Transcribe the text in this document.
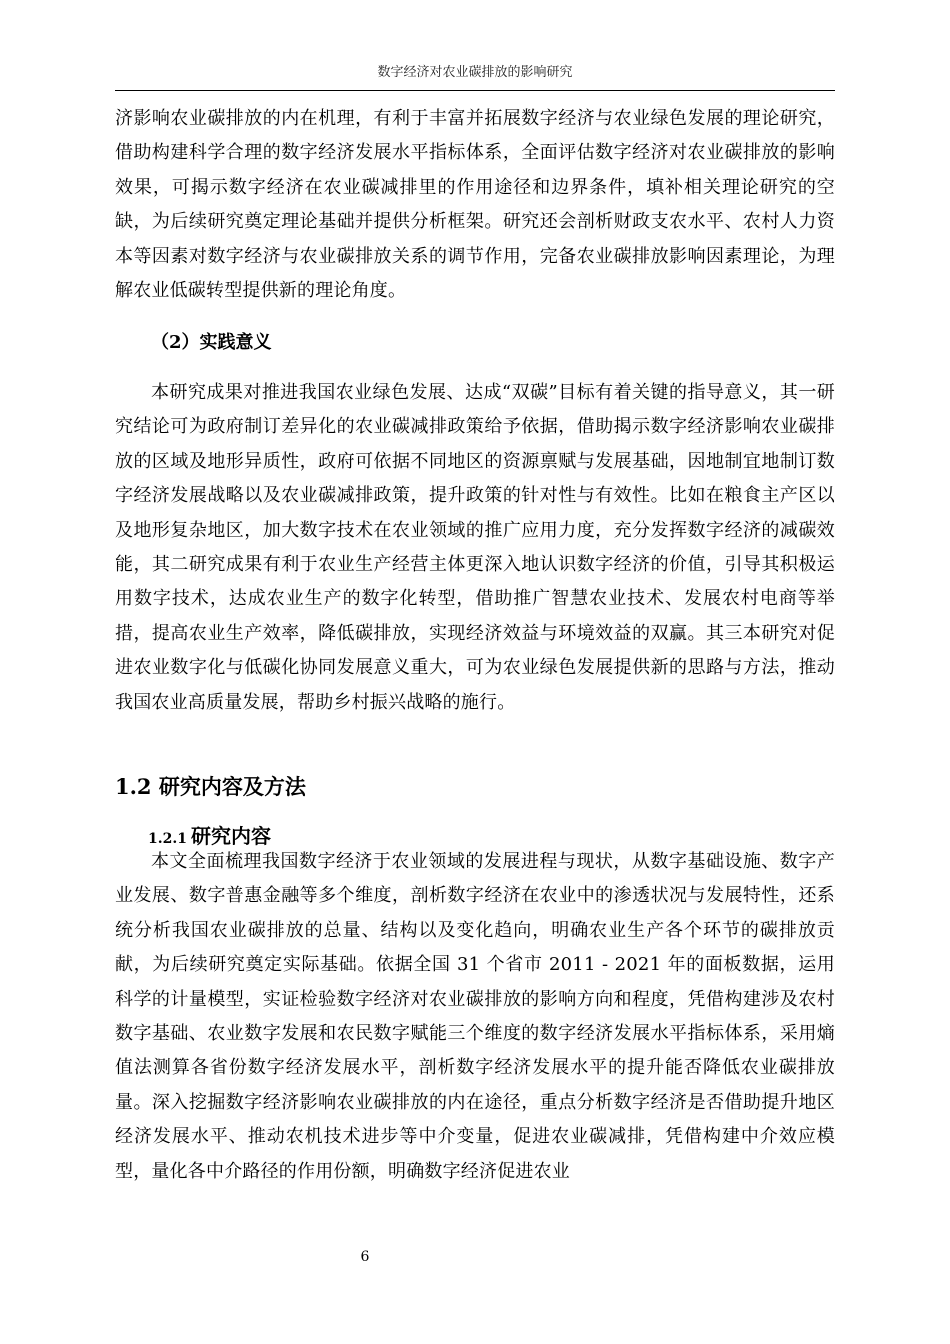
数字经济对农业碳排放的影响研究

济影响农业碳排放的内在机理，有利于丰富并拓展数字经济与农业绿色发展的理论研究，借助构建科学合理的数字经济发展水平指标体系，全面评估数字经济对农业碳排放的影响效果，可揭示数字经济在农业碳减排里的作用途径和边界条件，填补相关理论研究的空缺，为后续研究奠定理论基础并提供分析框架。研究还会剖析财政支农水平、农村人力资本等因素对数字经济与农业碳排放关系的调节作用，完备农业碳排放影响因素理论，为理解农业低碳转型提供新的理论角度。

（2）实践意义

本研究成果对推进我国农业绿色发展、达成“双碳”目标有着关键的指导意义，其一研究结论可为政府制订差异化的农业碳减排政策给予依据，借助揭示数字经济影响农业碳排放的区域及地形异质性，政府可依据不同地区的资源禀赋与发展基础，因地制宜地制订数字经济发展战略以及农业碳减排政策，提升政策的针对性与有效性。比如在粮食主产区以及地形复杂地区，加大数字技术在农业领域的推广应用力度，充分发挥数字经济的减碳效能，其二研究成果有利于农业生产经营主体更深入地认识数字经济的价值，引导其积极运用数字技术，达成农业生产的数字化转型，借助推广智慧农业技术、发展农村电商等举措，提高农业生产效率，降低碳排放，实现经济效益与环境效益的双赢。其三本研究对促进农业数字化与低碳化协同发展意义重大，可为农业绿色发展提供新的思路与方法，推动我国农业高质量发展，帮助乡村振兴战略的施行。

1.2 研究内容及方法
1.2.1 研究内容

本文全面梳理我国数字经济于农业领域的发展进程与现状，从数字基础设施、数字产业发展、数字普惠金融等多个维度，剖析数字经济在农业中的渗透状况与发展特性，还系统分析我国农业碳排放的总量、结构以及变化趋向，明确农业生产各个环节的碳排放贡献，为后续研究奠定实际基础。依据全国 31 个省市 2011 - 2021 年的面板数据，运用科学的计量模型，实证检验数字经济对农业碳排放的影响方向和程度，凭借构建涉及农村数字基础、农业数字发展和农民数字赋能三个维度的数字经济发展水平指标体系，采用熵值法测算各省份数字经济发展水平，剖析数字经济发展水平的提升能否降低农业碳排放量。深入挖掘数字经济影响农业碳排放的内在途径，重点分析数字经济是否借助提升地区经济发展水平、推动农机技术进步等中介变量，促进农业碳减排，凭借构建中介效应模型，量化各中介路径的作用份额，明确数字经济促进农业

6
